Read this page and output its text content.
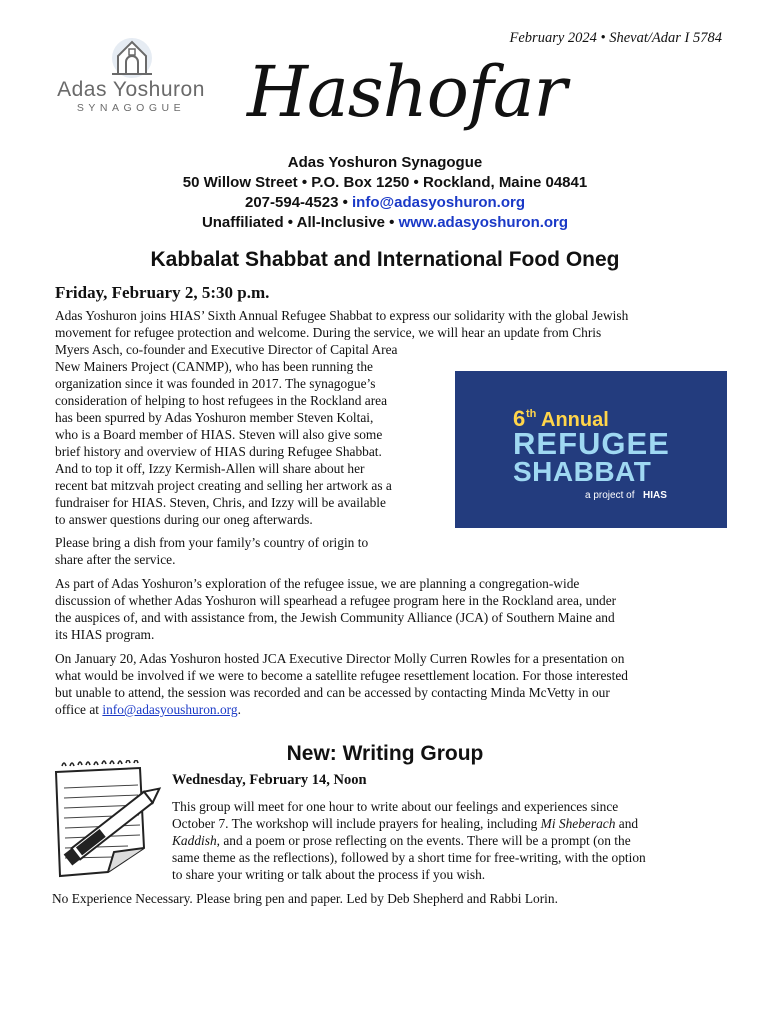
February 2024 • Shevat/Adar I 5784
Adas Yoshuron
SYNAGOGUE Hashofar
Adas Yoshuron Synagogue
50 Willow Street • P.O. Box 1250 • Rockland, Maine 04841
207-594-4523 • info@adasyoshuron.org
Unaffiliated • All-Inclusive • www.adasyoshuron.org
Kabbalat Shabbat and International Food Oneg
Friday, February 2, 5:30 p.m.
Adas Yoshuron joins HIAS’ Sixth Annual Refugee Shabbat to express our solidarity with the global Jewish
movement for refugee protection and welcome. During the service, we will hear an update from Chris
Myers Asch, co-founder and Executive Director of Capital Area
New Mainers Project (CANMP), who has been running the
organization since it was founded in 2017. The synagogue’s
consideration of helping to host refugees in the Rockland area
has been spurred by Adas Yoshuron member Steven Koltai,
who is a Board member of HIAS. Steven will also give some
brief history and overview of HIAS during Refugee Shabbat.
And to top it off, Izzy Kermish-Allen will share about her
recent bat mitzvah project creating and selling her artwork as a
fundraiser for HIAS. Steven, Chris, and Izzy will be available
to answer questions during our oneg afterwards.
6 th Annual
REFUGEE
SHABBAT
a project of HIAS
Please bring a dish from your family’s country of origin to
share after the service.
As part of Adas Yoshuron’s exploration of the refugee issue, we are planning a congregation-wide
discussion of whether Adas Yoshuron will spearhead a refugee program here in the Rockland area, under
the auspices of, and with assistance from, the Jewish Community Alliance (JCA) of Southern Maine and
its HIAS program.
On January 20, Adas Yoshuron hosted JCA Executive Director Molly Curren Rowles for a presentation on
what would be involved if we were to become a satellite refugee resettlement location. For those interested
but unable to attend, the session was recorded and can be accessed by contacting Minda McVetty in our
office at info@adasyoushuron.org.
New: Writing Group
Wednesday, February 14, Noon
This group will meet for one hour to write about our feelings and experiences since
October 7. The workshop will include prayers for healing, including Mi Sheberach and
Kaddish, and a poem or prose reflecting on the events. There will be a prompt (on the
same theme as the reflections), followed by a short time for free-writing, with the option
to share your writing or talk about the process if you wish.
No Experience Necessary. Please bring pen and paper. Led by Deb Shepherd and Rabbi Lorin.
